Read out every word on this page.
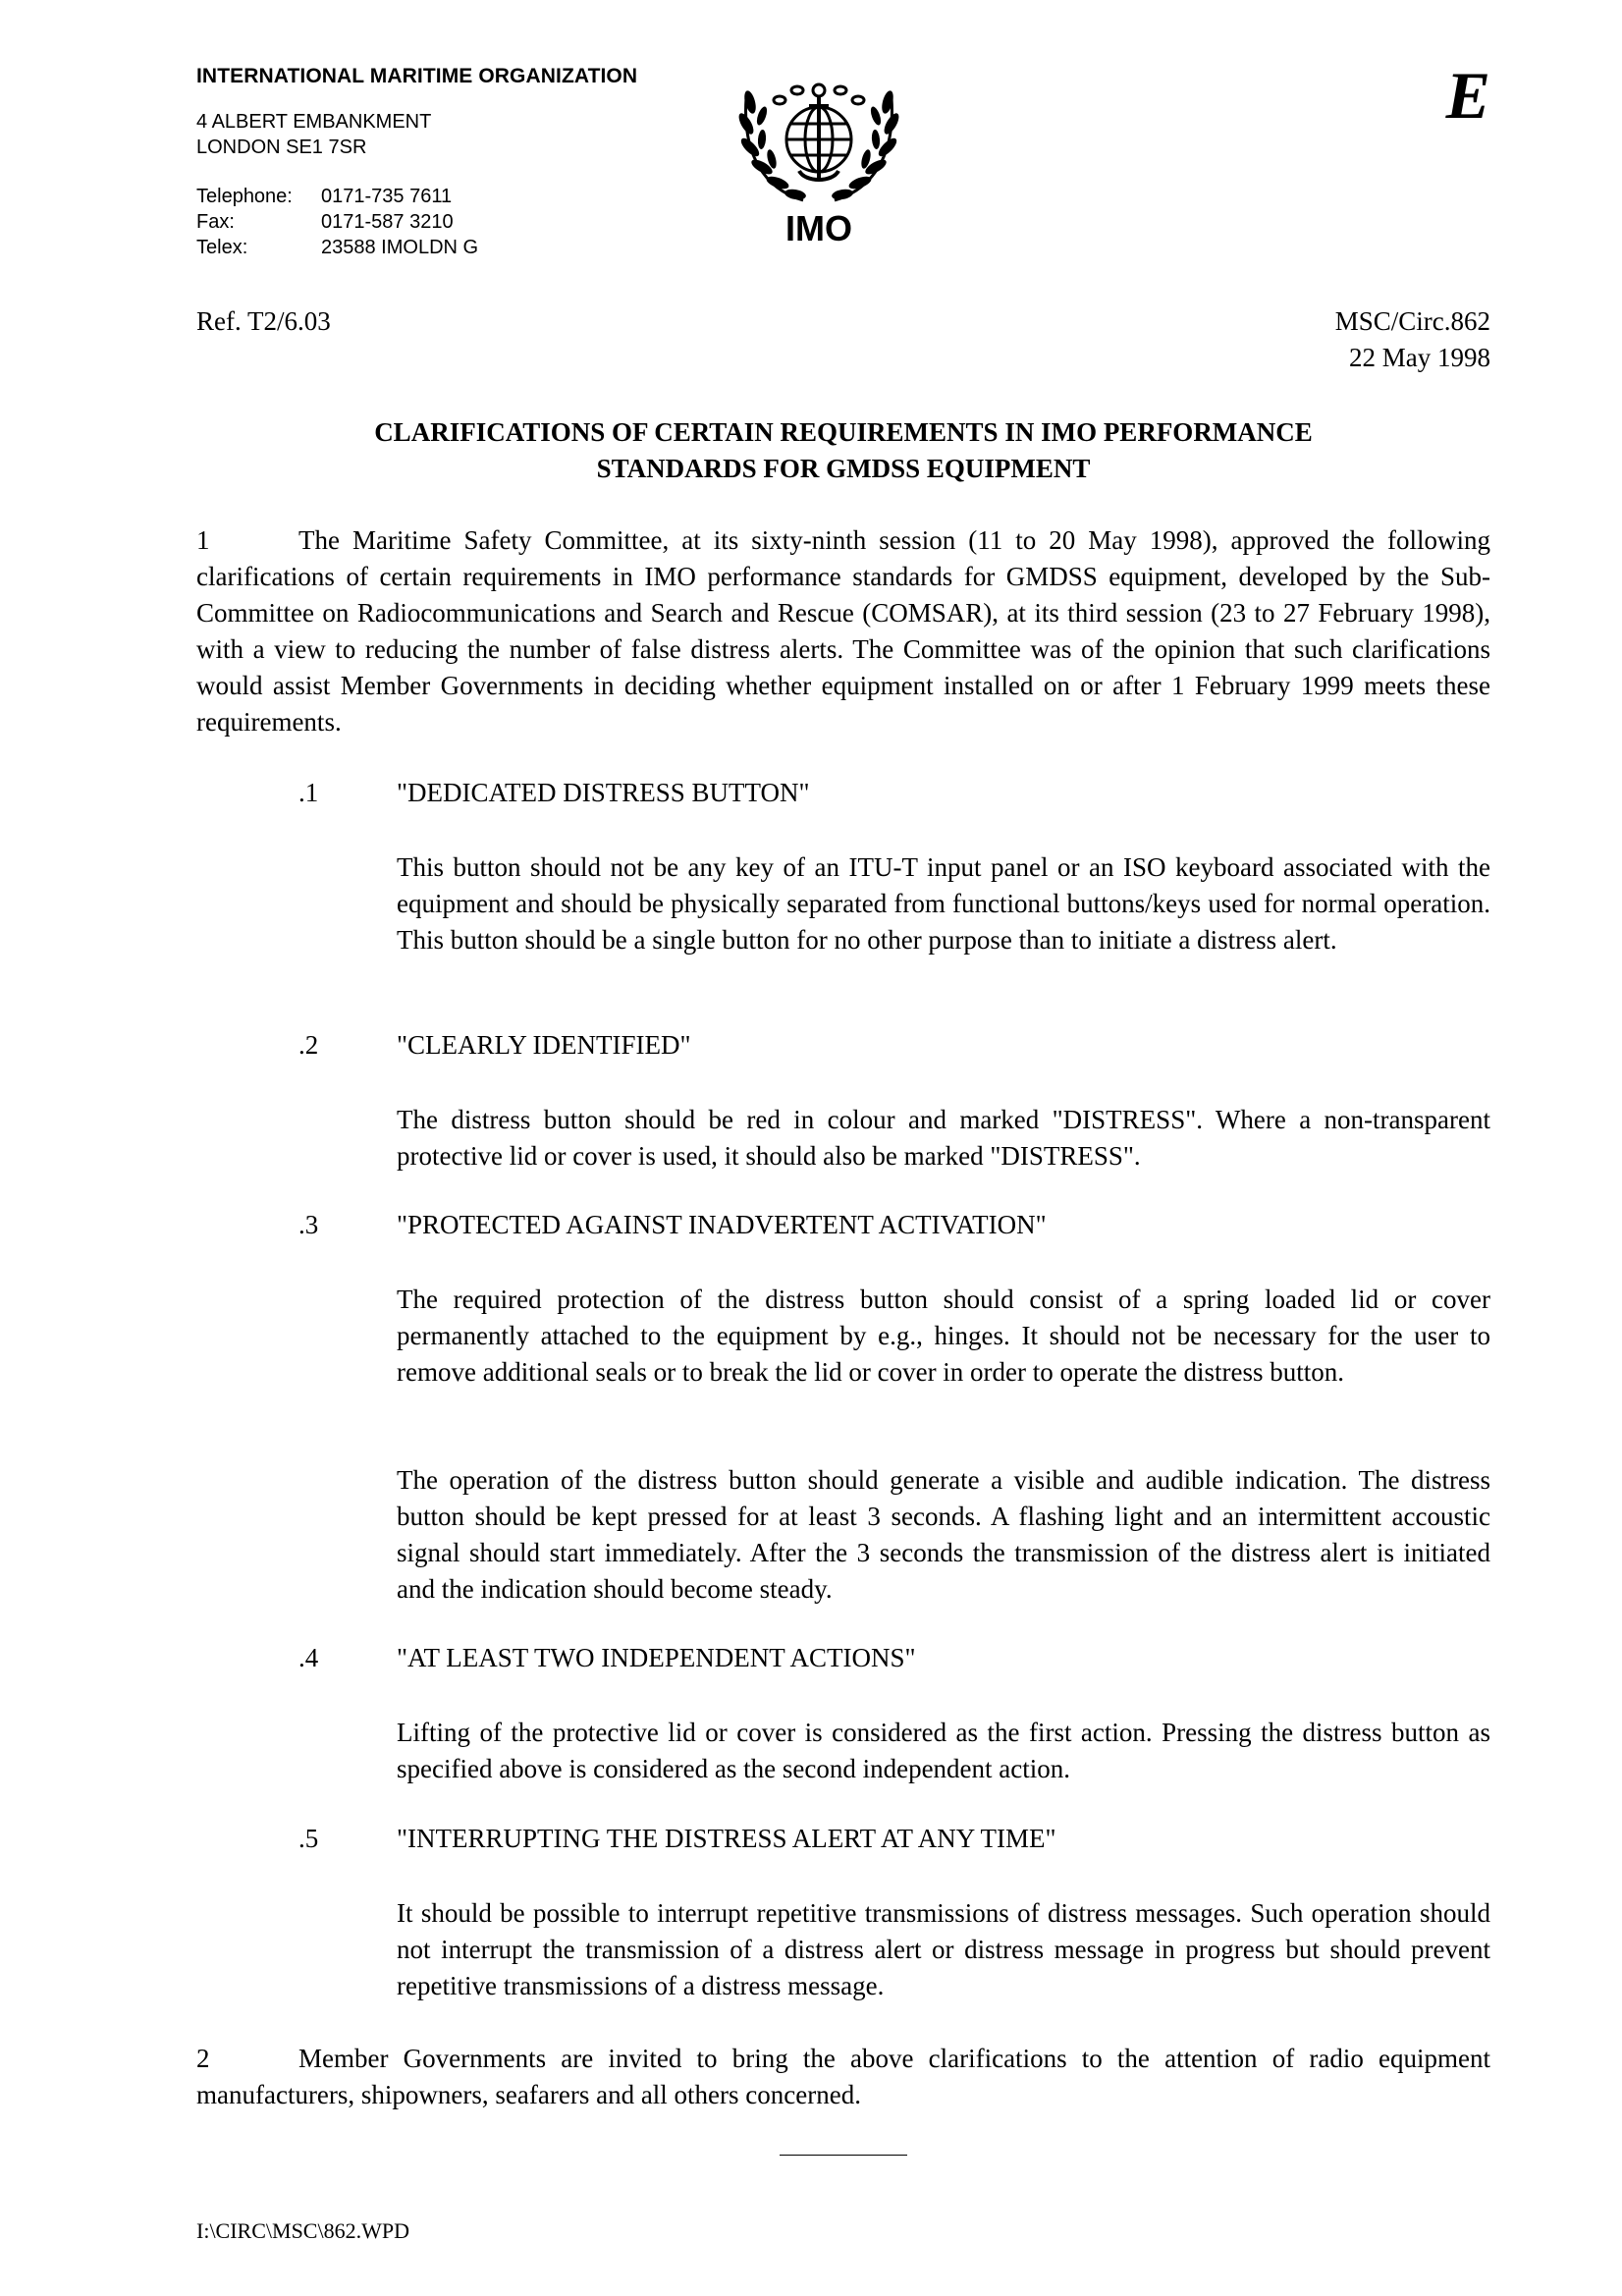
INTERNATIONAL MARITIME ORGANIZATION
4 ALBERT EMBANKMENT
LONDON SE1 7SR
Telephone: 0171-735 7611
Fax:	0171-587 3210
Telex:	23588 IMOLDN G	IMO
E
Ref. T2/6.03	MSC/Circ.862
22 May 1998
CLARIFICATIONS OF CERTAIN REQUIREMENTS IN IMO PERFORMANCE
STANDARDS FOR GMDSS EQUIPMENT
1	The Maritime Safety Committee, at its sixty-ninth session (11 to 20 May 1998), approved the following clarifications of certain requirements in IMO performance standards for GMDSS equipment, developed by the Sub-Committee on Radiocommunications and Search and Rescue (COMSAR), at its third session (23 to 27 February 1998), with a view to reducing the number of false distress alerts. The Committee was of the opinion that such clarifications would assist Member Governments in deciding whether equipment installed on or after 1 February 1999 meets these requirements.
.1	"DEDICATED DISTRESS BUTTON"
This button should not be any key of an ITU-T input panel or an ISO keyboard associated with the equipment and should be physically separated from functional buttons/keys used for normal operation. This button should be a single button for no other purpose than to initiate a distress alert.
.2	"CLEARLY IDENTIFIED"
The distress button should be red in colour and marked "DISTRESS". Where a non-transparent protective lid or cover is used, it should also be marked "DISTRESS".
.3	"PROTECTED AGAINST INADVERTENT ACTIVATION"
The required protection of the distress button should consist of a spring loaded lid or cover permanently attached to the equipment by e.g., hinges. It should not be necessary for the user to remove additional seals or to break the lid or cover in order to operate the distress button.
The operation of the distress button should generate a visible and audible indication. The distress button should be kept pressed for at least 3 seconds. A flashing light and an intermittent accoustic signal should start immediately. After the 3 seconds the transmission of the distress alert is initiated and the indication should become steady.
.4	"AT LEAST TWO INDEPENDENT ACTIONS"
Lifting of the protective lid or cover is considered as the first action. Pressing the distress button as specified above is considered as the second independent action.
.5	"INTERRUPTING THE DISTRESS ALERT AT ANY TIME"
It should be possible to interrupt repetitive transmissions of distress messages. Such operation should not interrupt the transmission of a distress alert or distress message in progress but should prevent repetitive transmissions of a distress message.
2	Member Governments are invited to bring the above clarifications to the attention of radio equipment manufacturers, shipowners, seafarers and all others concerned.
I:\CIRC\MSC\862.WPD
